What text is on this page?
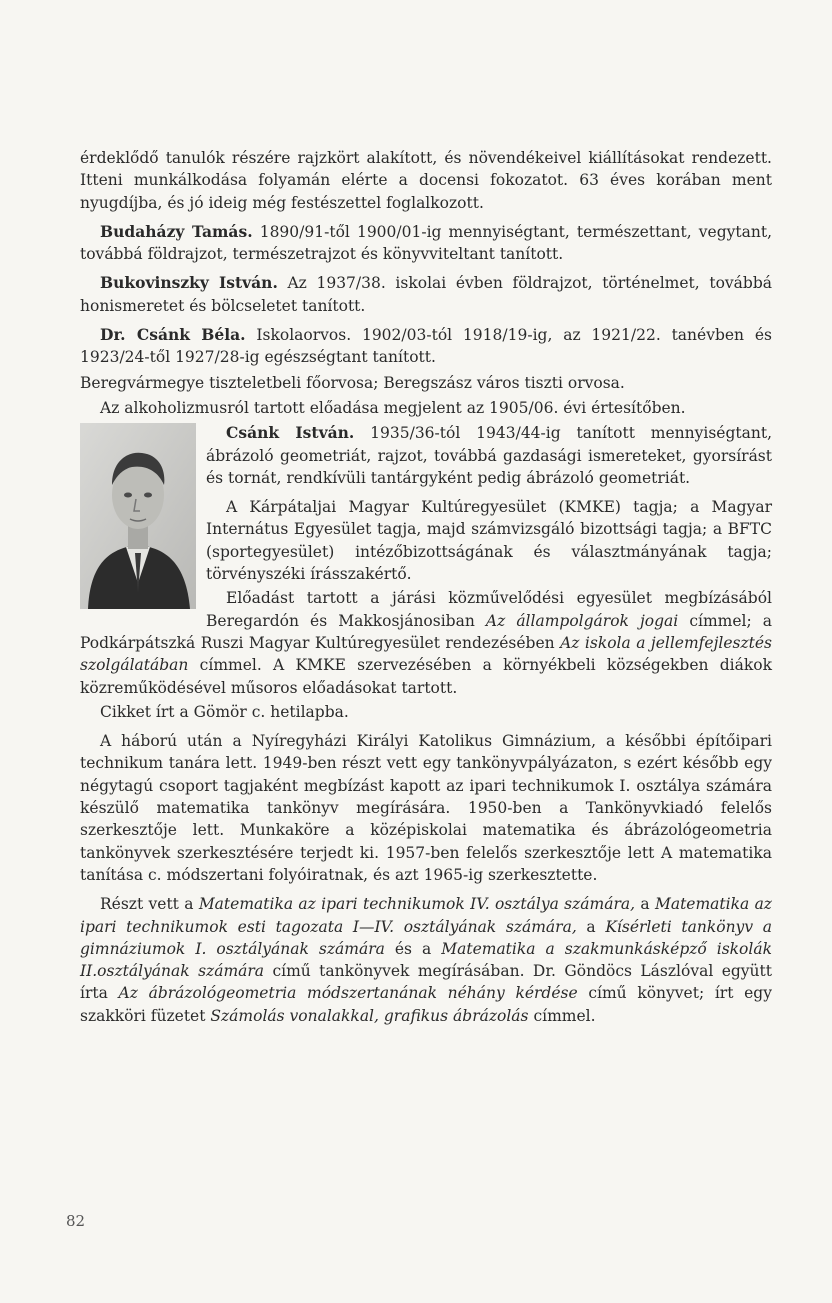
érdeklődő tanulók részére rajzkört alakított, és növendékeivel kiállításokat rendezett. Itteni munkálkodása folyamán elérte a docensi fokozatot. 63 éves korában ment nyugdíjba, és jó ideig még festészettel foglalkozott.

Budaházy Tamás. 1890/91-től 1900/01-ig mennyiségtant, természettant, vegytant, továbbá földrajzot, természetrajzot és könyvviteltant tanított.

Bukovinszky István. Az 1937/38. iskolai évben földrajzot, történelmet, továbbá honismeretet és bölcseletet tanított.

Dr. Csánk Béla. Iskolaorvos. 1902/03-tól 1918/19-ig, az 1921/22. tanévben és 1923/24-től 1927/28-ig egészségtant tanított.

Beregvármegye tiszteletbeli főorvosa; Beregszász város tiszti orvosa.

Az alkoholizmusról tartott előadása megjelent az 1905/06. évi értesítőben.

Csánk István. 1935/36-tól 1943/44-ig tanított mennyiségtant, ábrázoló geometriát, rajzot, továbbá gazdasági ismereteket, gyorsírást és tornát, rendkívüli tantárgyként pedig ábrázoló geometriát.

A Kárpátaljai Magyar Kultúregyesület (KMKE) tagja; a Magyar Internátus Egyesület tagja, majd számvizsgáló bizottsági tagja; a BFTC (sportegyesület) intézőbizottságának és választmányának tagja; törvényszéki írásszakértő.

Előadást tartott a járási közművelődési egyesület megbízásából Beregardón és Makkosjánosiban Az állampolgárok jogai címmel; a Podkárpátszká Ruszi Magyar Kultúregyesület rendezésében Az iskola a jellemfejlesztés szolgálatában címmel. A KMKE szervezésében a környékbeli községekben diákok közreműködésével műsoros előadásokat tartott.

Cikket írt a Gömör c. hetilapba.

A háború után a Nyíregyházi Királyi Katolikus Gimnázium, a későbbi építőipari technikum tanára lett. 1949-ben részt vett egy tankönyvpályázaton, s ezért később egy négytagú csoport tagjaként megbízást kapott az ipari technikumok I. osztálya számára készülő matematika tankönyv megírására. 1950-ben a Tankönyvkiadó felelős szerkesztője lett. Munkaköre a középiskolai matematika és ábrázológeometria tankönyvek szerkesztésére terjedt ki. 1957-ben felelős szerkesztője lett A matematika tanítása c. módszertani folyóiratnak, és azt 1965-ig szerkesztette.

Részt vett a Matematika az ipari technikumok IV. osztálya számára, a Matematika az ipari technikumok esti tagozata I—IV. osztályának számára, a Kísérleti tankönyv a gimnáziumok I. osztályának számára és a Matematika a szakmunkásképző iskolák II.osztályának számára című tankönyvek megírásában. Dr. Göndöcs Lászlóval együtt írta Az ábrázológeometria módszertanának néhány kérdése című könyvet; írt egy szakköri füzetet Számolás vonalakkal, grafikus ábrázolás címmel.

82
